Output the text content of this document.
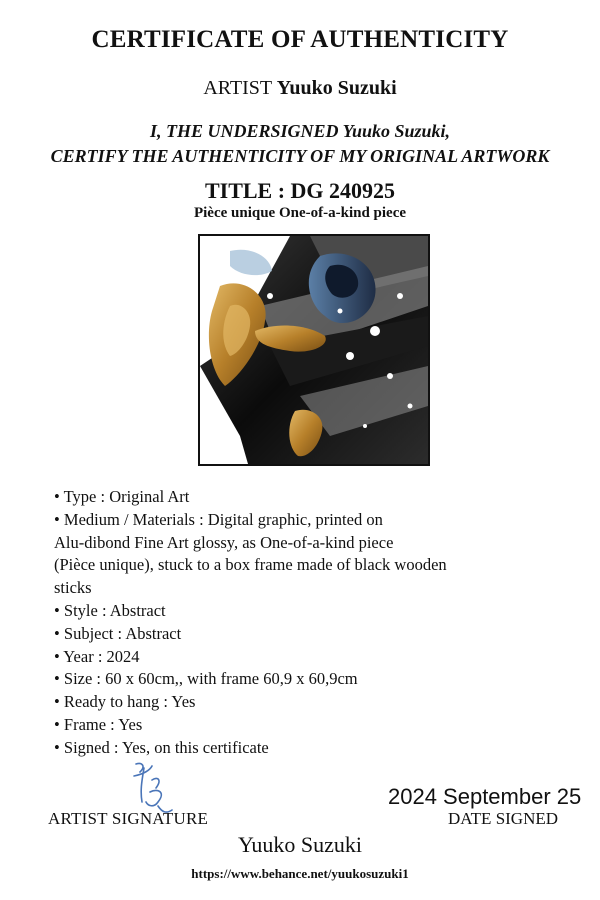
CERTIFICATE OF AUTHENTICITY
ARTIST Yuuko Suzuki
I, THE UNDERSIGNED Yuuko Suzuki,
CERTIFY THE AUTHENTICITY OF MY ORIGINAL ARTWORK
TITLE : DG 240925
Pièce unique One-of-a-kind piece

• Type : Original Art

• Medium / Materials : Digital graphic, printed on

Alu-dibond Fine Art glossy, as One-of-a-kind piece

(Pièce unique), stuck to a box frame made of black wooden

sticks

• Style : Abstract

• Subject : Abstract

• Year : 2024

• Size : 60 x 60cm,, with frame 60,9 x 60,9cm

• Ready to hang : Yes

• Frame : Yes

• Signed : Yes, on this certificate

ARTIST SIGNATURE
2024 September 25
DATE SIGNED
Yuuko Suzuki
https://www.behance.net/yuukosuzuki1
